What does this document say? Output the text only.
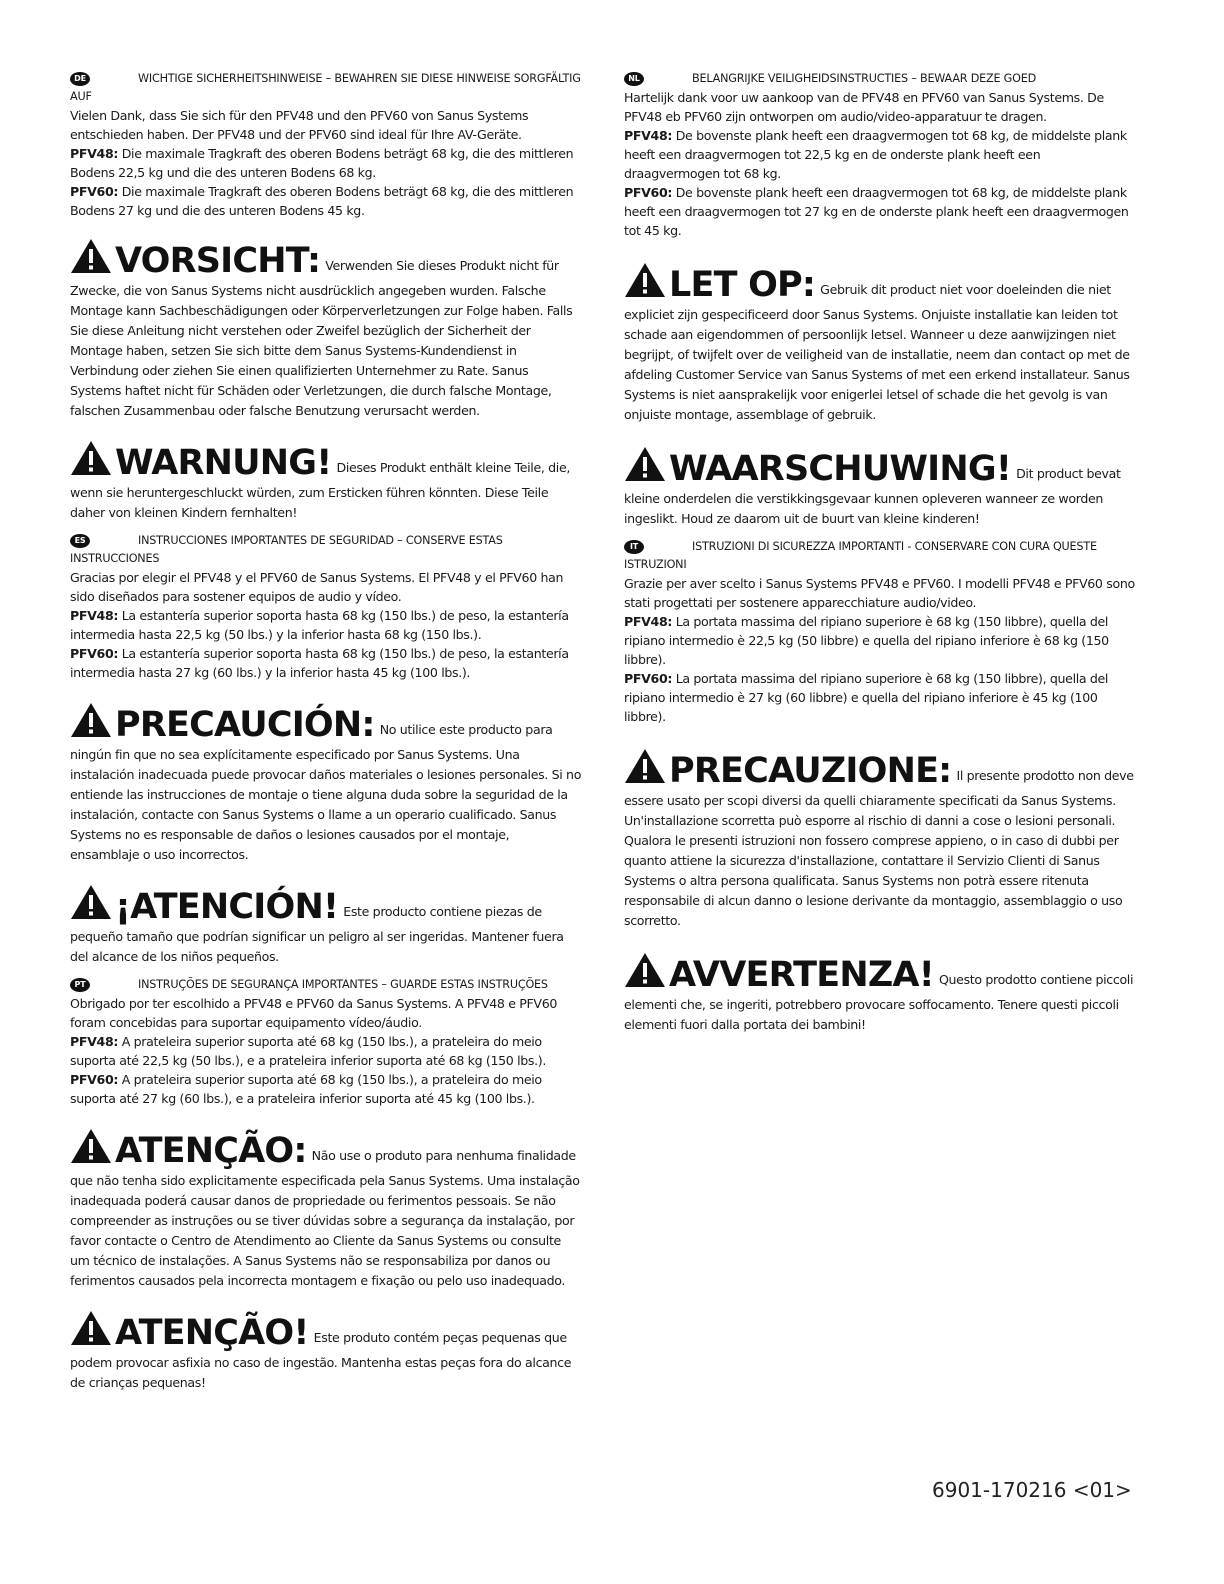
DE	WICHTIGE SICHERHEITSHINWEISE – BEWAHREN SIE DIESE HINWEISE SORGFÄLTIG AUF

Vielen Dank, dass Sie sich für den PFV48 und den PFV60 von Sanus Systems entschieden haben. Der PFV48 und der PFV60 sind ideal für Ihre AV-Geräte.

PFV48: Die maximale Tragkraft des oberen Bodens beträgt 68 kg, die des mittleren Bodens 22,5 kg und die des unteren Bodens 68 kg.

PFV60: Die maximale Tragkraft des oberen Bodens beträgt 68 kg, die des mittleren Bodens 27 kg und die des unteren Bodens 45 kg.

VORSICHT: Verwenden Sie dieses Produkt nicht für Zwecke, die von Sanus Systems nicht ausdrücklich angegeben wurden. Falsche Montage kann Sachbeschädigungen oder Körperverletzungen zur Folge haben. Falls Sie diese Anleitung nicht verstehen oder Zweifel bezüglich der Sicherheit der Montage haben, setzen Sie sich bitte dem Sanus Systems-Kundendienst in Verbindung oder ziehen Sie einen qualifizierten Unternehmer zu Rate. Sanus Systems haftet nicht für Schäden oder Verletzungen, die durch falsche Montage, falschen Zusammenbau oder falsche Benutzung verursacht werden.
WARNUNG! Dieses Produkt enthält kleine Teile, die, wenn sie heruntergeschluckt würden, zum Ersticken führen könnten. Diese Teile daher von kleinen Kindern fernhalten!
ES	INSTRUCCIONES IMPORTANTES DE SEGURIDAD – CONSERVE ESTAS INSTRUCCIONES

Gracias por elegir el PFV48 y el PFV60 de Sanus Systems. El PFV48 y el PFV60 han sido diseñados para sostener equipos de audio y vídeo.

PFV48: La estantería superior soporta hasta 68 kg (150 lbs.) de peso, la estantería intermedia hasta 22,5 kg (50 lbs.) y la inferior hasta 68 kg (150 lbs.).

PFV60: La estantería superior soporta hasta 68 kg (150 lbs.) de peso, la estantería intermedia hasta 27 kg (60 lbs.) y la inferior hasta 45 kg (100 lbs.).

PRECAUCIÓN: No utilice este producto para ningún fin que no sea explícitamente especificado por Sanus Systems. Una instalación inadecuada puede provocar daños materiales o lesiones personales. Si no entiende las instrucciones de montaje o tiene alguna duda sobre la seguridad de la instalación, contacte con Sanus Systems o llame a un operario cualificado. Sanus Systems no es responsable de daños o lesiones causados por el montaje, ensamblaje o uso incorrectos.
¡ATENCIÓN! Este producto contiene piezas de pequeño tamaño que podrían significar un peligro al ser ingeridas. Mantener fuera del alcance de los niños pequeños.
PT	INSTRUÇÕES DE SEGURANÇA IMPORTANTES – GUARDE ESTAS INSTRUÇÕES

Obrigado por ter escolhido a PFV48 e PFV60 da Sanus Systems. A PFV48 e PFV60 foram concebidas para suportar equipamento vídeo/áudio.

PFV48: A prateleira superior suporta até 68 kg (150 lbs.), a prateleira do meio suporta até 22,5 kg (50 lbs.), e a prateleira inferior suporta até 68 kg (150 lbs.).

PFV60: A prateleira superior suporta até 68 kg (150 lbs.), a prateleira do meio suporta até 27 kg (60 lbs.), e a prateleira inferior suporta até 45 kg (100 lbs.).

ATENÇÃO: Não use o produto para nenhuma finalidade que não tenha sido explicitamente especificada pela Sanus Systems. Uma instalação inadequada poderá causar danos de propriedade ou ferimentos pessoais. Se não compreender as instruções ou se tiver dúvidas sobre a segurança da instalação, por favor contacte o Centro de Atendimento ao Cliente da Sanus Systems ou consulte um técnico de instalações. A Sanus Systems não se responsabiliza por danos ou ferimentos causados pela incorrecta montagem e fixação ou pelo uso inadequado.
ATENÇÃO! Este produto contém peças pequenas que podem provocar asfixia no caso de ingestão. Mantenha estas peças fora do alcance de crianças pequenas!
NL	BELANGRIJKE VEILIGHEIDSINSTRUCTIES – BEWAAR DEZE GOED

Hartelijk dank voor uw aankoop van de PFV48 en PFV60 van Sanus Systems. De PFV48 eb PFV60 zijn ontworpen om audio/video-apparatuur te dragen.

PFV48: De bovenste plank heeft een draagvermogen tot 68 kg, de middelste plank heeft een draagvermogen tot 22,5 kg en de onderste plank heeft een draagvermogen tot 68 kg.

PFV60: De bovenste plank heeft een draagvermogen tot 68 kg, de middelste plank heeft een draagvermogen tot 27 kg en de onderste plank heeft een draagvermogen tot 45 kg.

LET OP: Gebruik dit product niet voor doeleinden die niet expliciet zijn gespecificeerd door Sanus Systems. Onjuiste installatie kan leiden tot schade aan eigendommen of persoonlijk letsel. Wanneer u deze aanwijzingen niet begrijpt, of twijfelt over de veiligheid van de installatie, neem dan contact op met de afdeling Customer Service van Sanus Systems of met een erkend installateur. Sanus Systems is niet aansprakelijk voor enigerlei letsel of schade die het gevolg is van onjuiste montage, assemblage of gebruik.
WAARSCHUWING! Dit product bevat kleine onderdelen die verstikkingsgevaar kunnen opleveren wanneer ze worden ingeslikt. Houd ze daarom uit de buurt van kleine kinderen!
IT	ISTRUZIONI DI SICUREZZA IMPORTANTI - CONSERVARE CON CURA QUESTE ISTRUZIONI

Grazie per aver scelto i Sanus Systems PFV48 e PFV60. I modelli PFV48 e PFV60 sono stati progettati per sostenere apparecchiature audio/video.

PFV48: La portata massima del ripiano superiore è 68 kg (150 libbre), quella del ripiano intermedio è 22,5 kg (50 libbre) e quella del ripiano inferiore è 68 kg (150 libbre).

PFV60: La portata massima del ripiano superiore è 68 kg (150 libbre), quella del ripiano intermedio è 27 kg (60 libbre) e quella del ripiano inferiore è 45 kg (100 libbre).

PRECAUZIONE: Il presente prodotto non deve essere usato per scopi diversi da quelli chiaramente specificati da Sanus Systems. Un'installazione scorretta può esporre al rischio di danni a cose o lesioni personali. Qualora le presenti istruzioni non fossero comprese appieno, o in caso di dubbi per quanto attiene la sicurezza d'installazione, contattare il Servizio Clienti di Sanus Systems o altra persona qualificata. Sanus Systems non potrà essere ritenuta responsabile di alcun danno o lesione derivante da montaggio, assemblaggio o uso scorretto.
AVVERTENZA! Questo prodotto contiene piccoli elementi che, se ingeriti, potrebbero provocare soffocamento. Tenere questi piccoli elementi fuori dalla portata dei bambini!
6901-170216 <01>
